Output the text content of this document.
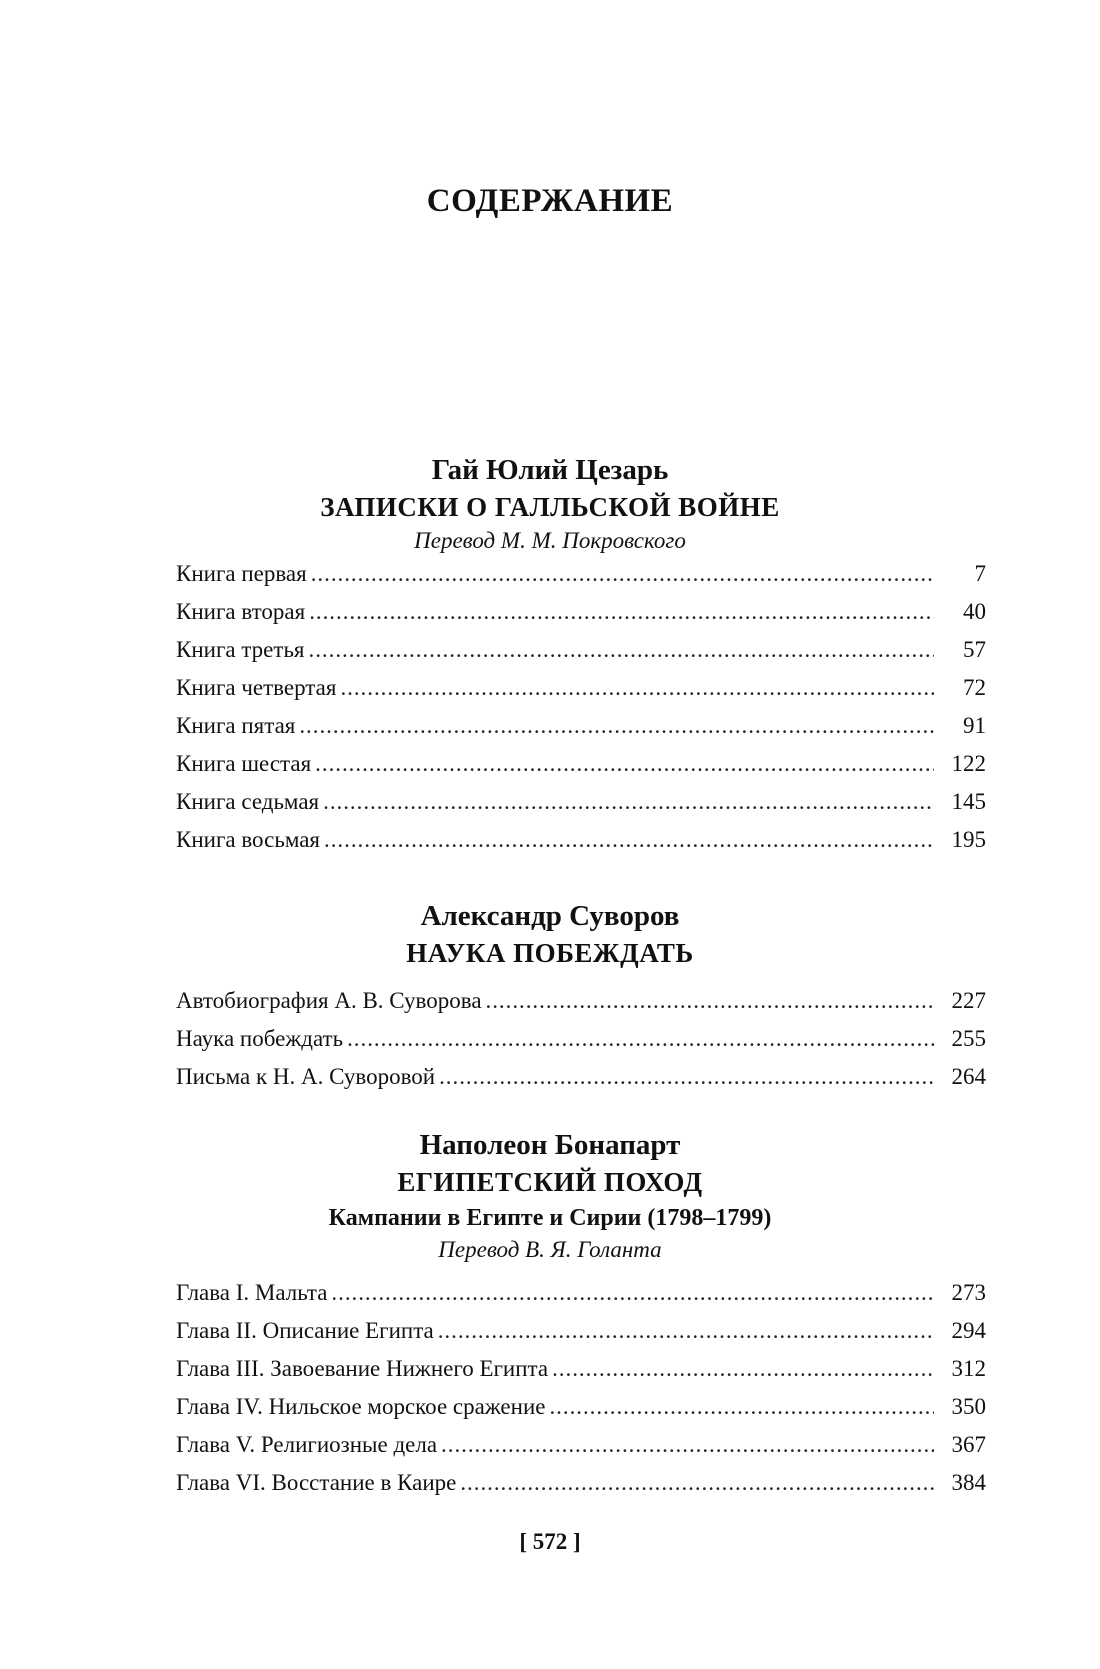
СОДЕРЖАНИЕ
Гай Юлий Цезарь
ЗАПИСКИ О ГАЛЛЬСКОЙ ВОЙНЕ
Перевод М. М. Покровского
Книга первая . . .	7
Книга вторая . . .	40
Книга третья . . .	57
Книга четвертая . . .	72
Книга пятая . . .	91
Книга шестая . . .	122
Книга седьмая . . .	145
Книга восьмая . . .	195
Александр Суворов
НАУКА ПОБЕЖДАТЬ
Автобиография А. В. Суворова . . .	227
Наука побеждать . . .	255
Письма к Н. А. Суворовой . . .	264
Наполеон Бонапарт
ЕГИПЕТСКИЙ ПОХОД
Кампании в Египте и Сирии (1798–1799)
Перевод В. Я. Голанта
Глава I. Мальта . . .	273
Глава II. Описание Египта . . .	294
Глава III. Завоевание Нижнего Египта . . .	312
Глава IV. Нильское морское сражение . . .	350
Глава V. Религиозные дела . . .	367
Глава VI. Восстание в Каире . . .	384
[ 572 ]
